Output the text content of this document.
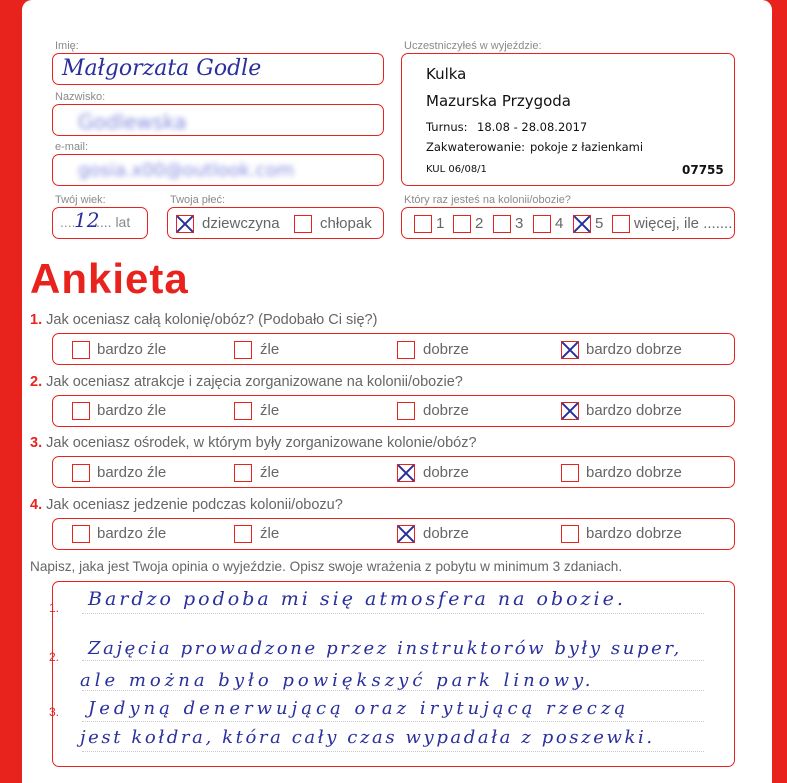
Imię:
Małgorzata Godle
Nazwisko:
Godlewska
e-mail:
gosia.x00@outlook.com
Twój wiek:
....
12
.... lat
Twoja płeć:
dziewczyna	chłopak
Uczestniczyłeś w wyjeździe:
Kulka
Mazurska Przygoda
Turnus: 18.08 - 28.08.2017
Zakwaterowanie: pokoje z łazienkami
KUL 06/08/1	07755
Który raz jesteś na kolonii/obozie?
1 2 3 4 5 więcej, ile .......
Ankieta
1. Jak oceniasz całą kolonię/obóz? (Podobało Ci się?)
bardzo źle	źle	dobrze	bardzo dobrze
2. Jak oceniasz atrakcje i zajęcia zorganizowane na kolonii/obozie?
bardzo źle	źle	dobrze	bardzo dobrze
3. Jak oceniasz ośrodek, w którym były zorganizowane kolonie/obóz?
bardzo źle	źle	dobrze	bardzo dobrze
4. Jak oceniasz jedzenie podczas kolonii/obozu?
bardzo źle	źle	dobrze	bardzo dobrze
Napisz, jaka jest Twoja opinia o wyjeździe. Opisz swoje wrażenia z pobytu w minimum 3 zdaniach.
1.
2.
3.
Bardzo podoba mi się atmosfera na obozie.
Zajęcia prowadzone przez instruktorów były super,
ale można było powiększyć park linowy.
Jedyną denerwującą oraz irytującą rzeczą
jest kołdra, która cały czas wypadała z poszewki.
